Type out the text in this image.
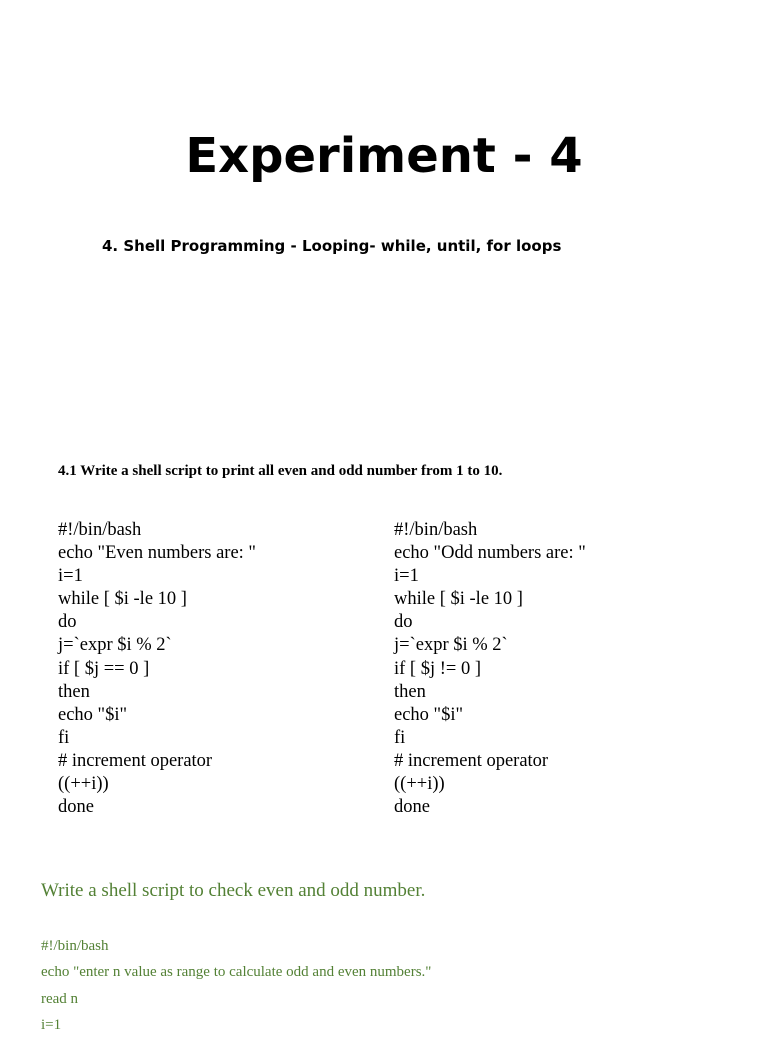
Experiment - 4

4. Shell Programming - Looping- while, until, for loops

4.1 Write a shell script to print all even and odd number from 1 to 10.

#!/bin/bash
echo "Even numbers are: "
i=1
while [ $i -le 10 ]
do
j=`expr $i % 2`
if [ $j == 0 ]
then
echo "$i"
fi
# increment operator
((++i))
done
#!/bin/bash
echo "Odd numbers are: "
i=1
while [ $i -le 10 ]
do
j=`expr $i % 2`
if [ $j != 0 ]
then
echo "$i"
fi
# increment operator
((++i))
done

Write a shell script to check even and odd number.

#!/bin/bash
echo "enter n value as range to calculate odd and even numbers."
read n
i=1
